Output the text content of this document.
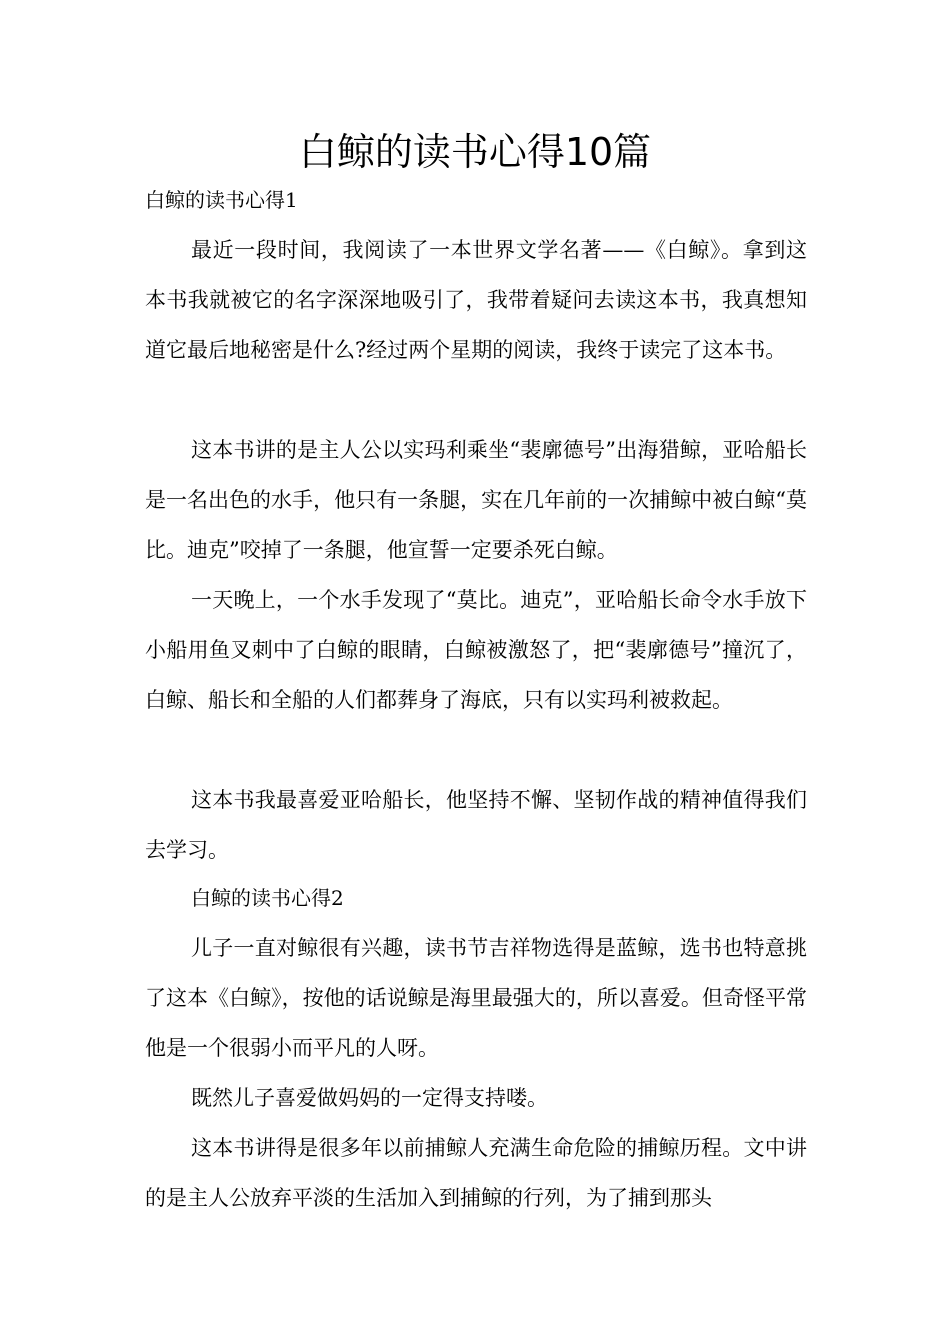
白鲸的读书心得10篇
白鲸的读书心得1

最近一段时间，我阅读了一本世界文学名著——《白鲸》。拿到这本书我就被它的名字深深地吸引了，我带着疑问去读这本书，我真想知道它最后地秘密是什么?经过两个星期的阅读，我终于读完了这本书。

这本书讲的是主人公以实玛利乘坐“裴廓德号”出海猎鲸，亚哈船长是一名出色的水手，他只有一条腿，实在几年前的一次捕鲸中被白鲸“莫比。迪克”咬掉了一条腿，他宣誓一定要杀死白鲸。

一天晚上，一个水手发现了“莫比。迪克”，亚哈船长命令水手放下小船用鱼叉刺中了白鲸的眼睛，白鲸被激怒了，把“裴廓德号”撞沉了，白鲸、船长和全船的人们都葬身了海底，只有以实玛利被救起。

这本书我最喜爱亚哈船长，他坚持不懈、坚韧作战的精神值得我们去学习。

白鲸的读书心得2

儿子一直对鲸很有兴趣，读书节吉祥物选得是蓝鲸，选书也特意挑了这本《白鲸》，按他的话说鲸是海里最强大的，所以喜爱。但奇怪平常他是一个很弱小而平凡的人呀。

既然儿子喜爱做妈妈的一定得支持喽。

这本书讲得是很多年以前捕鲸人充满生命危险的捕鲸历程。文中讲的是主人公放弃平淡的生活加入到捕鲸的行列，为了捕到那头
